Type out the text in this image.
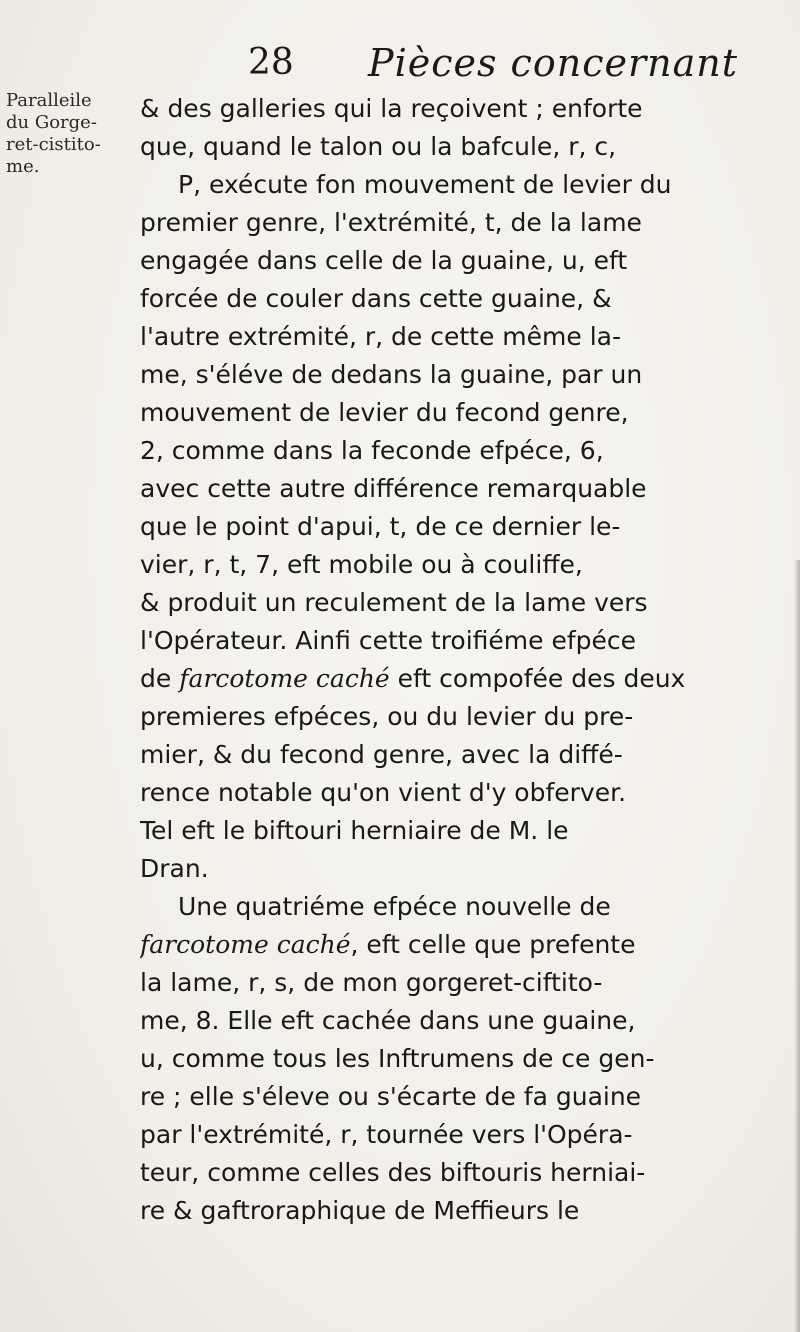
28 Pièces concernant
Paralleile
du Gorge-
ret-cistito-
me.
& des galleries qui la reçoivent ; enforte
que, quand le talon ou la bafcule, r, c,
P, exécute fon mouvement de levier du
premier genre, l'extrémité, t, de la lame
engagée dans celle de la guaine, u, eft
forcée de couler dans cette guaine, &
l'autre extrémité, r, de cette même la-
me, s'éléve de dedans la guaine, par un
mouvement de levier du fecond genre,
2, comme dans la feconde efpéce, 6,
avec cette autre différence remarquable
que le point d'apui, t, de ce dernier le-
vier, r, t, 7, eft mobile ou à couliffe,
& produit un reculement de la lame vers
l'Opérateur. Ainfi cette troifiéme efpéce
de farcotome caché eft compofée des deux
premieres efpéces, ou du levier du pre-
mier, & du fecond genre, avec la diffé-
rence notable qu'on vient d'y obferver.
Tel eft le biftouri herniaire de M. le
Dran.
Une quatriéme efpéce nouvelle de
farcotome caché, eft celle que prefente
la lame, r, s, de mon gorgeret-ciftito-
me, 8. Elle eft cachée dans une guaine,
u, comme tous les Inftrumens de ce gen-
re ; elle s'éleve ou s'écarte de fa guaine
par l'extrémité, r, tournée vers l'Opéra-
teur, comme celles des biftouris herniai-
re & gaftroraphique de Meffieurs le
